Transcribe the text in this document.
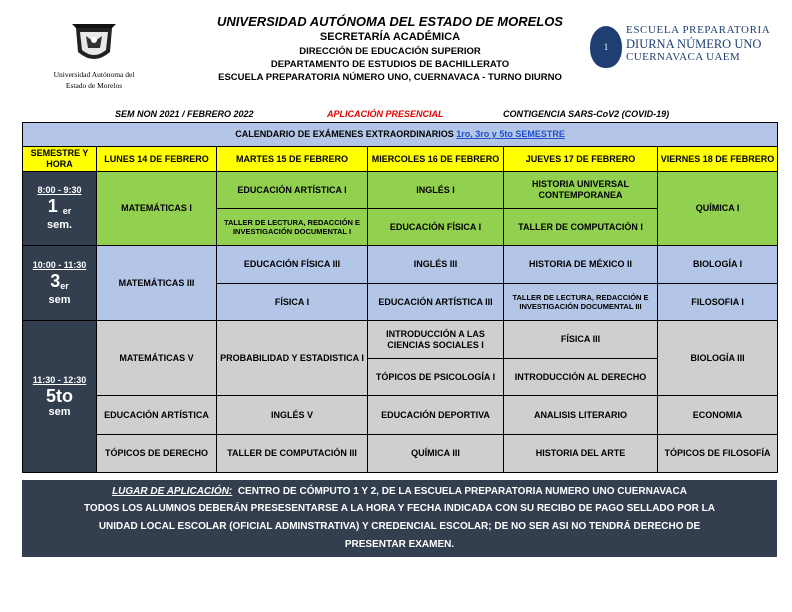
Universidad Autónoma del
Estado de Morelos
UNIVERSIDAD AUTÓNOMA DEL ESTADO DE MORELOS
SECRETARÍA ACADÉMICA
DIRECCIÓN DE EDUCACIÓN SUPERIOR
DEPARTAMENTO DE ESTUDIOS DE BACHILLERATO
ESCUELA PREPARATORIA NÚMERO UNO, CUERNAVACA - TURNO DIURNO
1
ESCUELA PREPARATORIA
DIURNA NÚMERO UNO
CUERNAVACA UAEM
SEM NON 2021 / FEBRERO 2022	APLICACIÓN PRESENCIAL	CONTIGENCIA SARS-CoV2 (COVID-19)
CALENDARIO DE EXÁMENES EXTRAORDINARIOS 1ro, 3ro y 5to SEMESTRE					
SEMESTRE Y HORA	LUNES 14 DE FEBRERO	MARTES 15 DE FEBRERO	MIERCOLES 16 DE FEBRERO	JUEVES 17 DE FEBRERO	VIERNES 18 DE FEBRERO

8:00 - 9:30
1 $^{er}$
sem.	MATEMÁTICAS I	EDUCACIÓN ARTÍSTICA I	INGLÉS I	HISTORIA UNIVERSAL CONTEMPORANEA	QUÍMICA I
		TALLER DE LECTURA, REDACCIÓN E INVESTIGACIÓN DOCUMENTAL I	EDUCACIÓN FÍSICA I	TALLER DE COMPUTACIÓN I	

10:00 - 11:30
3er
sem	MATEMÁTICAS III	EDUCACIÓN FÍSICA III	INGLÉS III	HISTORIA DE MÉXICO II	BIOLOGÍA I
		FÍSICA I	EDUCACIÓN ARTÍSTICA III	TALLER DE LECTURA, REDACCIÓN E INVESTIGACIÓN DOCUMENTAL III	FILOSOFIA I

11:30 - 12:30
5to
sem	MATEMÁTICAS V	PROBABILIDAD Y ESTADISTICA I	INTRODUCCIÓN A LAS CIENCIAS SOCIALES I	FÍSICA III	BIOLOGÍA III
			TÓPICOS DE PSICOLOGÍA I	INTRODUCCIÓN AL DERECHO	
	EDUCACIÓN ARTÍSTICA	INGLÉS V	EDUCACIÓN DEPORTIVA	ANALISIS LITERARIO	ECONOMIA
	TÓPICOS DE DERECHO	TALLER DE COMPUTACIÓN III	QUÍMICA III	HISTORIA DEL ARTE	TÓPICOS DE FILOSOFÍA
LUGAR DE APLICACIÓN: CENTRO DE CÓMPUTO 1 Y 2, DE LA ESCUELA PREPARATORIA NUMERO UNO CUERNAVACA
TODOS LOS ALUMNOS DEBERÁN PRESESENTARSE A LA HORA Y FECHA INDICADA CON SU RECIBO DE PAGO SELLADO POR LA
UNIDAD LOCAL ESCOLAR (OFICIAL ADMINSTRATIVA) Y CREDENCIAL ESCOLAR; DE NO SER ASI NO TENDRÁ DERECHO DE
PRESENTAR EXAMEN.
